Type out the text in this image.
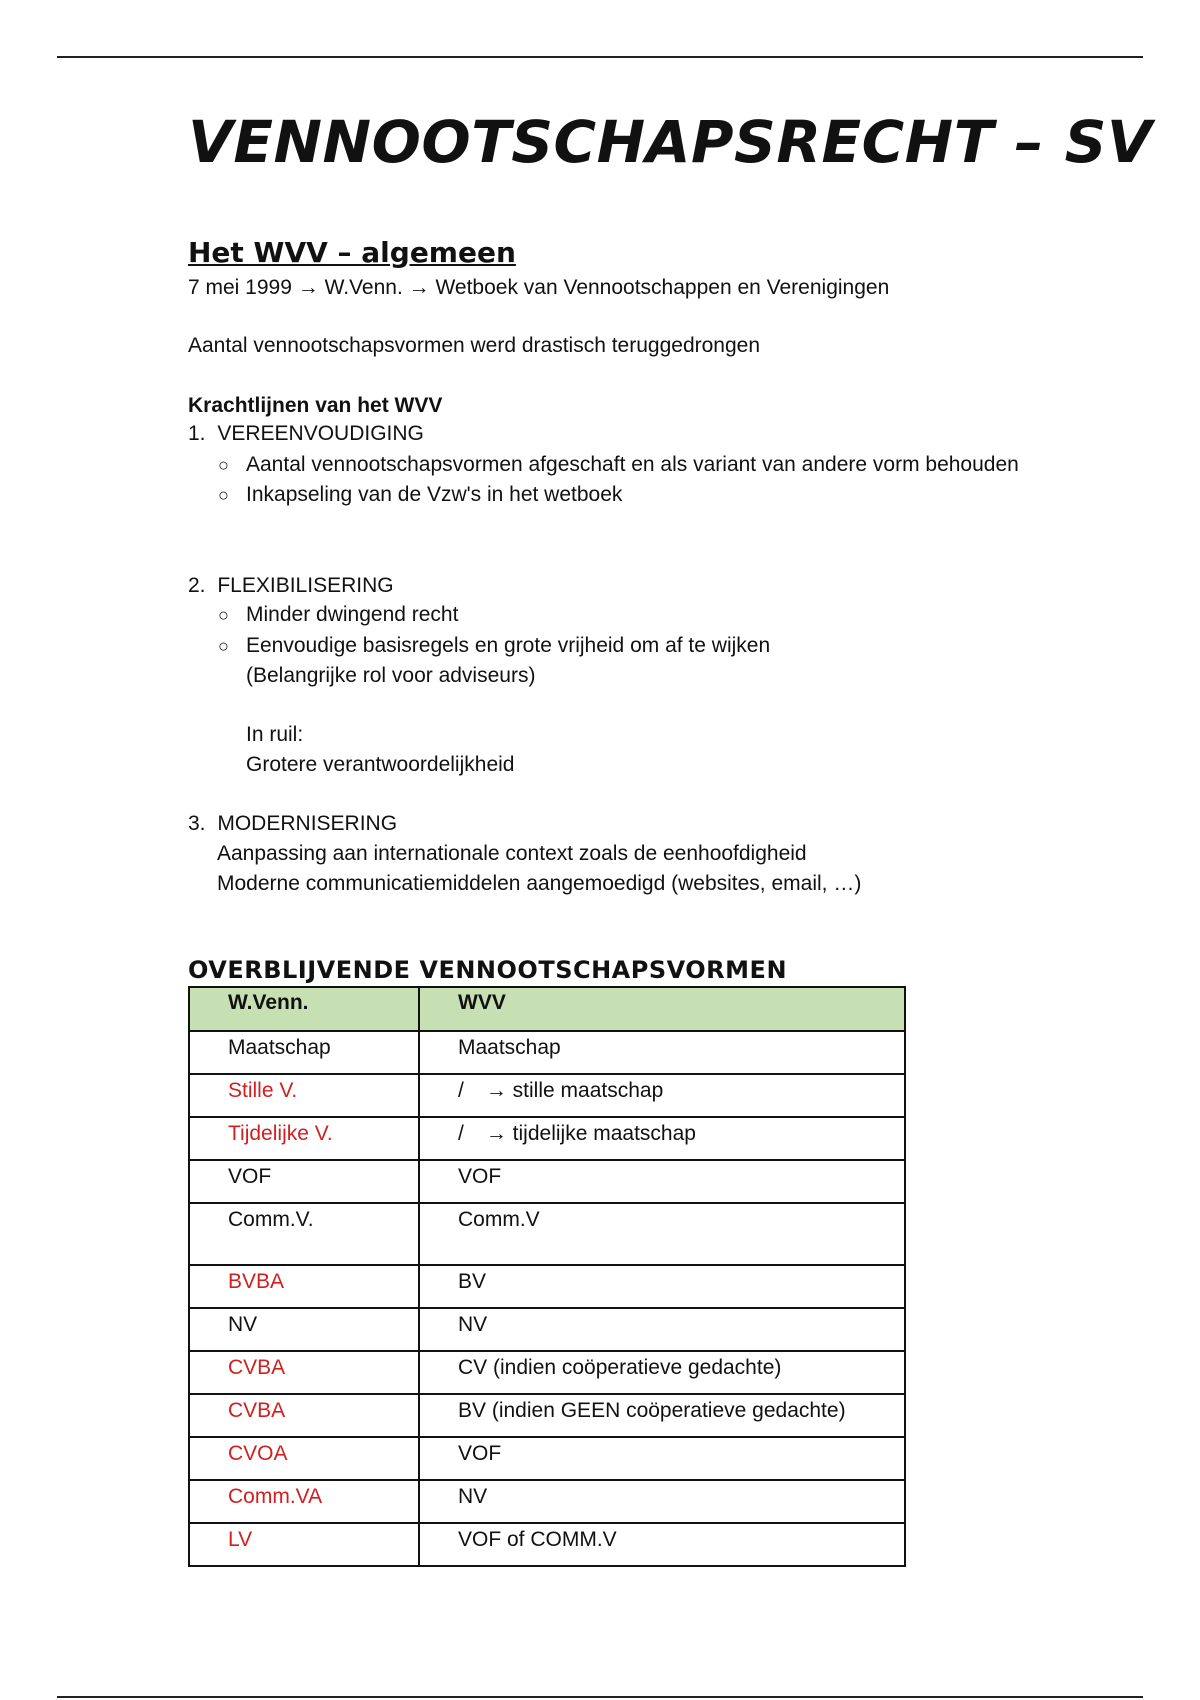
VENNOOTSCHAPSRECHT – SV
Het WVV – algemeen
7 mei 1999 → W.Venn. → Wetboek van Vennootschappen en Verenigingen
Aantal vennootschapsvormen werd drastisch teruggedrongen
Krachtlijnen van het WVV
1. VEREENVOUDIGING
○ Aantal vennootschapsvormen afgeschaft en als variant van andere vorm behouden
○ Inkapseling van de Vzw's in het wetboek
2. FLEXIBILISERING
○ Minder dwingend recht
○ Eenvoudige basisregels en grote vrijheid om af te wijken
(Belangrijke rol voor adviseurs)
In ruil:
Grotere verantwoordelijkheid
3. MODERNISERING
Aanpassing aan internationale context zoals de eenhoofdigheid
Moderne communicatiemiddelen aangemoedigd (websites, email, …)
OVERBLIJVENDE VENNOOTSCHAPSVORMEN
W.Venn.	WVV
Maatschap	Maatschap
Stille V.	/ → stille maatschap
Tijdelijke V.	/ → tijdelijke maatschap
VOF	VOF
Comm.V.	Comm.V
BVBA	BV
NV	NV
CVBA	CV (indien coöperatieve gedachte)
CVBA	BV (indien GEEN coöperatieve gedachte)
CVOA	VOF
Comm.VA	NV
LV	VOF of COMM.V
